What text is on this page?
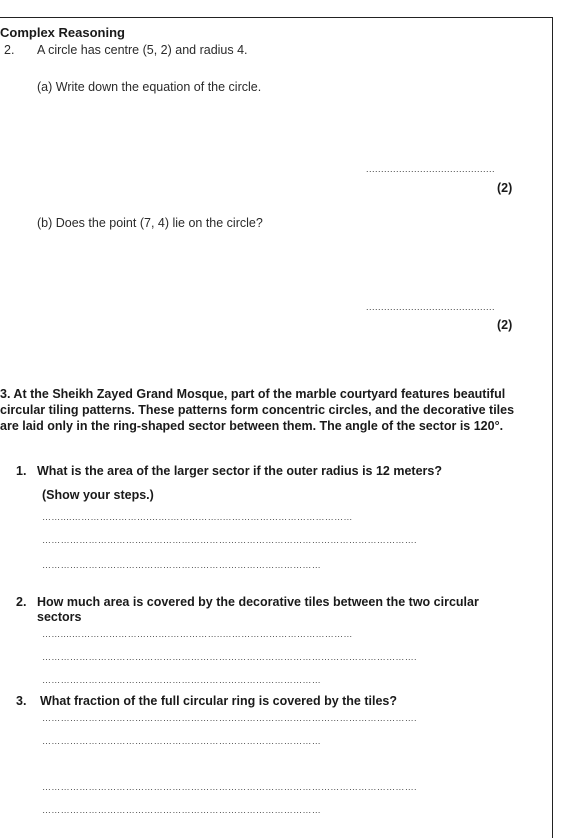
Complex Reasoning
2. A circle has centre (5, 2) and radius 4.
(a) Write down the equation of the circle.
...........................................
(2)
(b) Does the point (7, 4) lie on the circle?
...........................................
(2)
3. At the Sheikh Zayed Grand Mosque, part of the marble courtyard features beautiful
circular tiling patterns. These patterns form concentric circles, and the decorative tiles
are laid only in the ring-shaped sector between them. The angle of the sector is 120°.
1. What is the area of the larger sector if the outer radius is 12 meters?
(Show your steps.)
……....…………………….…….……………..……………………………………
………………………………………………………………………………………………………….
………………………………………………………………………………
2. How much area is covered by the decorative tiles between the two circular
sectors
……....…………………….…….……………..……………………………………
………………………………………………………………………………………………………….
………………………………………………………………………………
3. What fraction of the full circular ring is covered by the tiles?
………………………………………………………………………………………………………….
………………………………………………………………………………
………………………………………………………………………………………………………….
………………………………………………………………………………
